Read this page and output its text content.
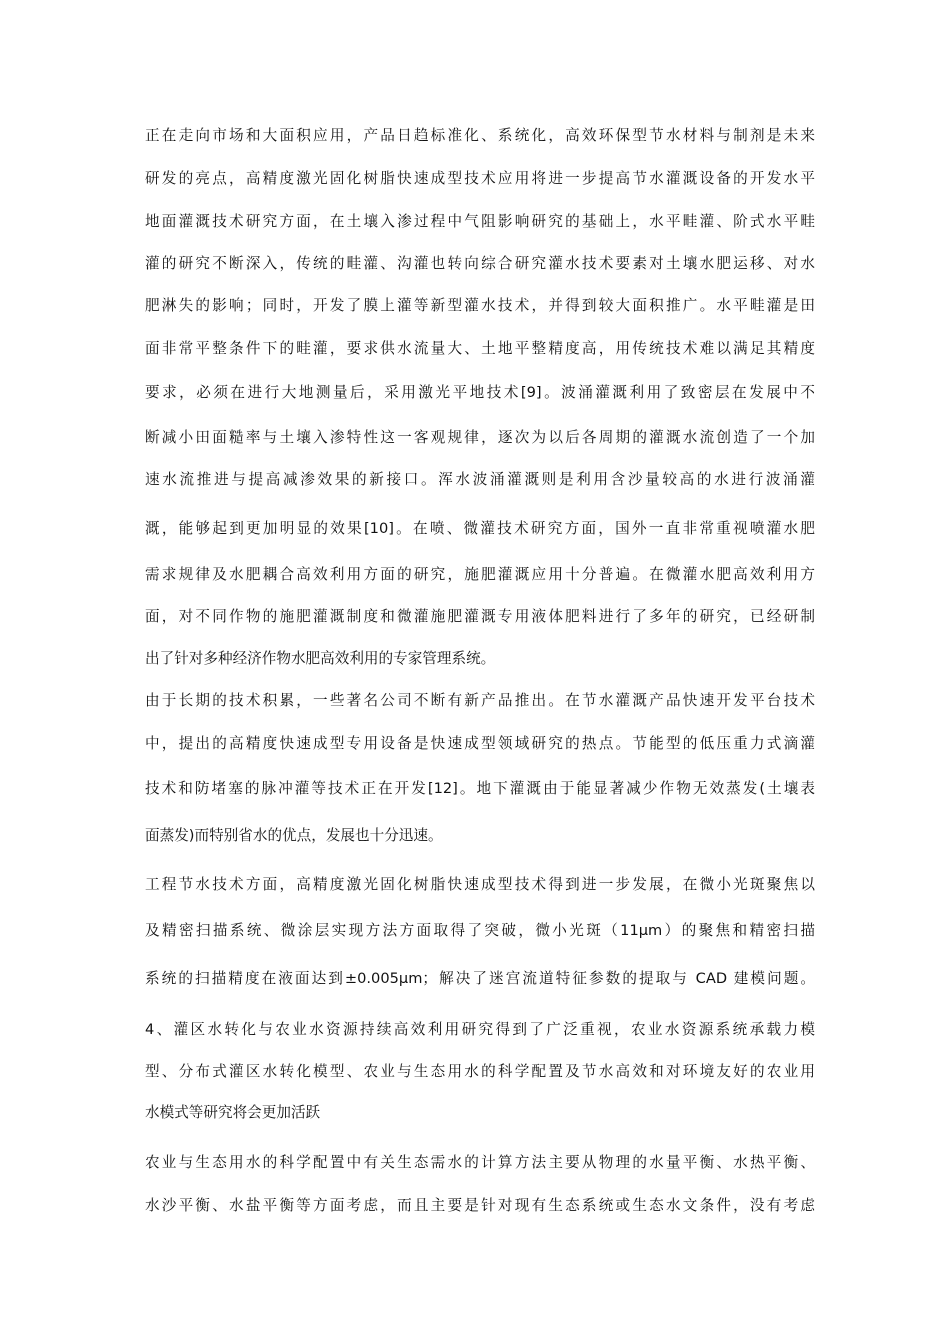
正在走向市场和大面积应用，产品日趋标准化、系统化，高效环保型节水材料与制剂是未来
研发的亮点，高精度激光固化树脂快速成型技术应用将进一步提高节水灌溉设备的开发水平
地面灌溉技术研究方面，在土壤入渗过程中气阻影响研究的基础上，水平畦灌、阶式水平畦
灌的研究不断深入，传统的畦灌、沟灌也转向综合研究灌水技术要素对土壤水肥运移、对水
肥淋失的影响；同时，开发了膜上灌等新型灌水技术，并得到较大面积推广。水平畦灌是田
面非常平整条件下的畦灌，要求供水流量大、土地平整精度高，用传统技术难以满足其精度
要求，必须在进行大地测量后，采用激光平地技术[9]。波涌灌溉利用了致密层在发展中不
断减小田面糙率与土壤入渗特性这一客观规律，逐次为以后各周期的灌溉水流创造了一个加
速水流推进与提高减渗效果的新接口。浑水波涌灌溉则是利用含沙量较高的水进行波涌灌
溉，能够起到更加明显的效果[10]。在喷、微灌技术研究方面，国外一直非常重视喷灌水肥
需求规律及水肥耦合高效利用方面的研究，施肥灌溉应用十分普遍。在微灌水肥高效利用方
面，对不同作物的施肥灌溉制度和微灌施肥灌溉专用液体肥料进行了多年的研究，已经研制
出了针对多种经济作物水肥高效利用的专家管理系统。
由于长期的技术积累，一些著名公司不断有新产品推出。在节水灌溉产品快速开发平台技术
中，提出的高精度快速成型专用设备是快速成型领域研究的热点。节能型的低压重力式滴灌
技术和防堵塞的脉冲灌等技术正在开发[12]。地下灌溉由于能显著减少作物无效蒸发(土壤表
面蒸发)而特别省水的优点，发展也十分迅速。
工程节水技术方面，高精度激光固化树脂快速成型技术得到进一步发展，在微小光斑聚焦以
及精密扫描系统、微涂层实现方法方面取得了突破，微小光斑（11μm）的聚焦和精密扫描
系统的扫描精度在液面达到±0.005μm；解决了迷宫流道特征参数的提取与 CAD 建模问题。
4、灌区水转化与农业水资源持续高效利用研究得到了广泛重视，农业水资源系统承载力模
型、分布式灌区水转化模型、农业与生态用水的科学配置及节水高效和对环境友好的农业用
水模式等研究将会更加活跃
农业与生态用水的科学配置中有关生态需水的计算方法主要从物理的水量平衡、水热平衡、
水沙平衡、水盐平衡等方面考虑，而且主要是针对现有生态系统或生态水文条件，没有考虑
